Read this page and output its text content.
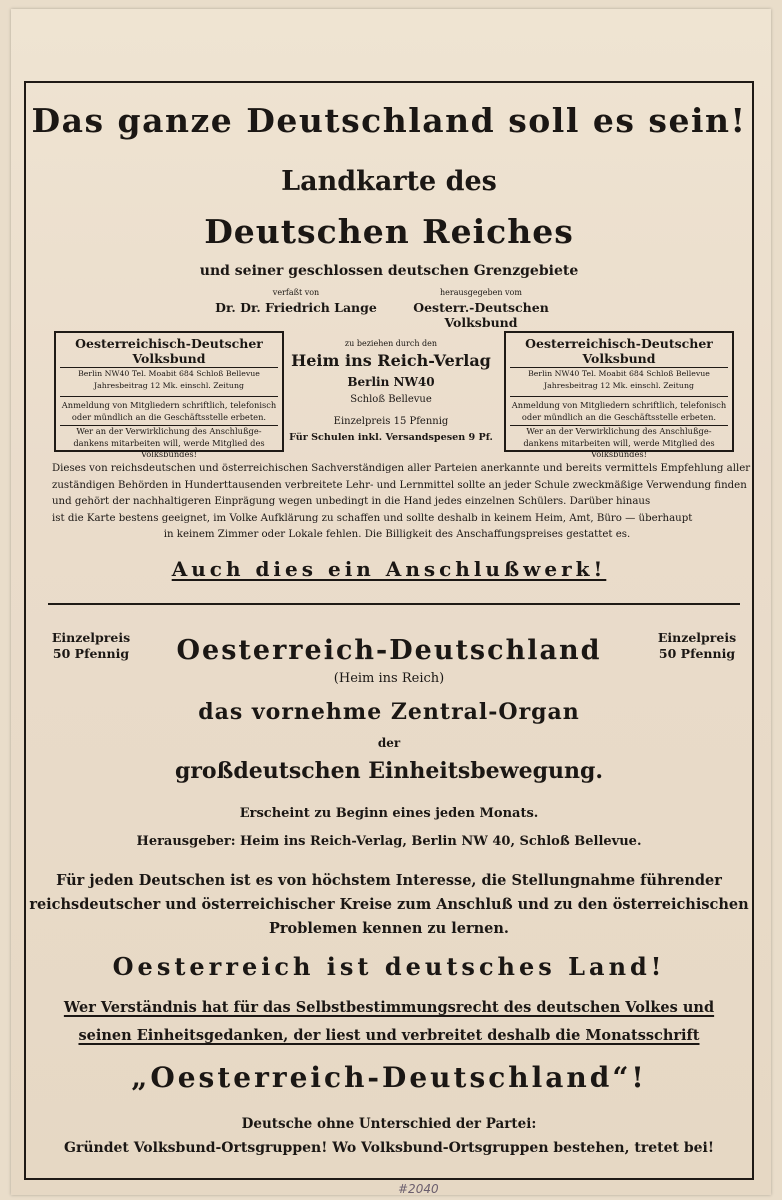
Das ganze Deutschland soll es sein!
Landkarte des
Deutschen Reiches
und seiner geschlossen deutschen Grenzgebiete
verfaßt von
Dr. Dr. Friedrich Lange
herausgegeben vom
Oesterr.-Deutschen Volksbund
Oesterreichisch-Deutscher Volksbund
Berlin NW40 Tel. Moabit 684 Schloß Bellevue
Jahresbeitrag 12 Mk. einschl. Zeitung
Anmeldung von Mitgliedern schriftlich, telefonisch
oder mündlich an die Geschäftsstelle erbeten.
Wer an der Verwirklichung des Anschlußge-
dankens mitarbeiten will, werde Mitglied des
Volksbundes!
zu beziehen durch den
Heim ins Reich-Verlag
Berlin NW40
Schloß Bellevue
Einzelpreis 15 Pfennig
Für Schulen inkl. Versandspesen 9 Pf.
Oesterreichisch-Deutscher Volksbund
Berlin NW40 Tel. Moabit 684 Schloß Bellevue
Jahresbeitrag 12 Mk. einschl. Zeitung
Anmeldung von Mitgliedern schriftlich, telefonisch
oder mündlich an die Geschäftsstelle erbeten.
Wer an der Verwirklichung des Anschlußge-
dankens mitarbeiten will, werde Mitglied des
Volksbundes!
Dieses von reichsdeutschen und österreichischen Sachverständigen aller Parteien anerkannte und bereits vermittels Empfehlung aller
zuständigen Behörden in Hunderttausenden verbreitete Lehr- und Lernmittel sollte an jeder Schule zweckmäßige Verwendung finden
und gehört der nachhaltigeren Einprägung wegen unbedingt in die Hand jedes einzelnen Schülers. Darüber hinaus
ist die Karte bestens geeignet, im Volke Aufklärung zu schaffen und sollte deshalb in keinem Heim, Amt, Büro — überhaupt
in keinem Zimmer oder Lokale fehlen. Die Billigkeit des Anschaffungspreises gestattet es.
Auch dies ein Anschlußwerk!
Einzelpreis
50 Pfennig
Einzelpreis
50 Pfennig
Oesterreich-Deutschland
(Heim ins Reich)
das vornehme Zentral-Organ
der
großdeutschen Einheitsbewegung.
Erscheint zu Beginn eines jeden Monats.
Herausgeber: Heim ins Reich-Verlag, Berlin NW 40, Schloß Bellevue.
Für jeden Deutschen ist es von höchstem Interesse, die Stellungnahme führender
reichsdeutscher und österreichischer Kreise zum Anschluß und zu den österreichischen
Problemen kennen zu lernen.
Oesterreich ist deutsches Land!
Wer Verständnis hat für das Selbstbestimmungsrecht des deutschen Volkes und
seinen Einheitsgedanken, der liest und verbreitet deshalb die Monatsschrift
„Oesterreich-Deutschland“!
Deutsche ohne Unterschied der Partei:
Gründet Volksbund-Ortsgruppen! Wo Volksbund-Ortsgruppen bestehen, tretet bei!
#2040
